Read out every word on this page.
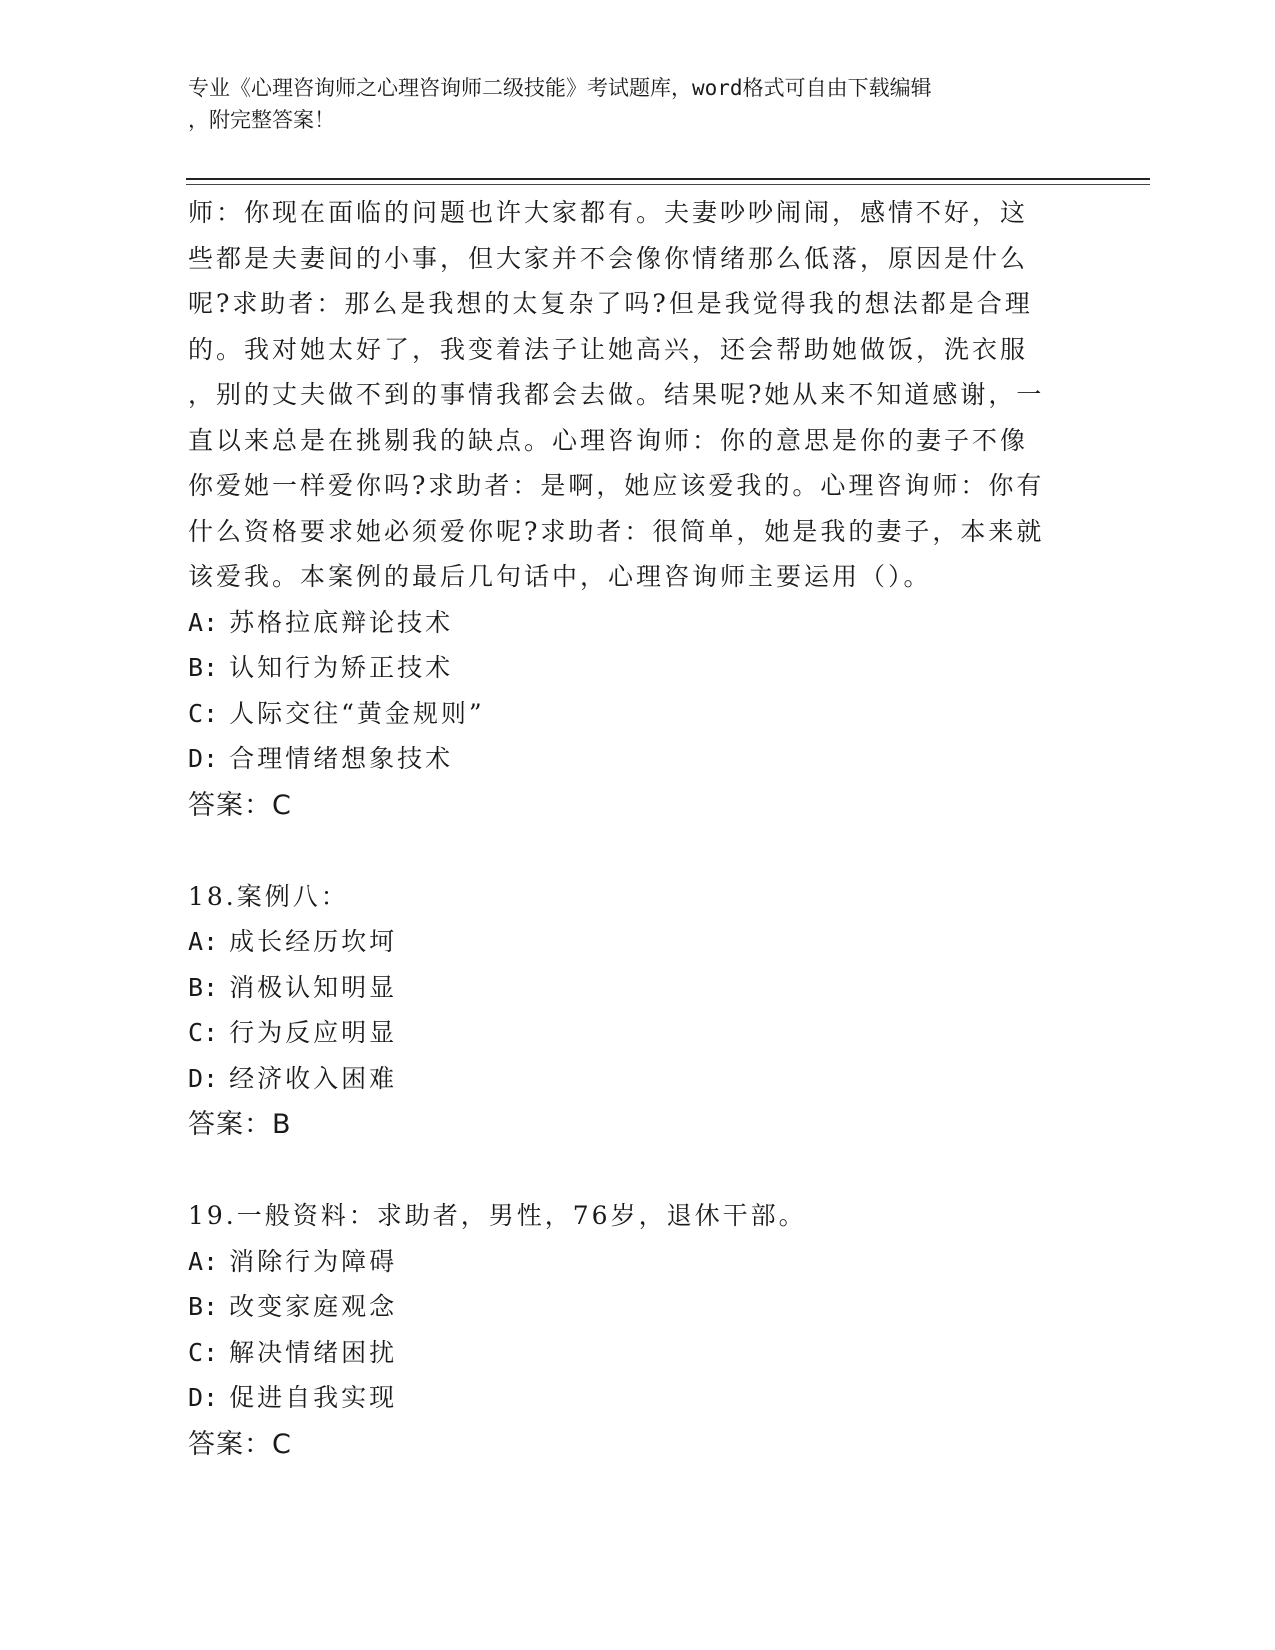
专业《心理咨询师之心理咨询师二级技能》考试题库，word格式可自由下载编辑
，附完整答案！
师：你现在面临的问题也许大家都有。夫妻吵吵闹闹，感情不好，这
些都是夫妻间的小事，但大家并不会像你情绪那么低落，原因是什么
呢?求助者：那么是我想的太复杂了吗?但是我觉得我的想法都是合理
的。我对她太好了，我变着法子让她高兴，还会帮助她做饭，洗衣服
，别的丈夫做不到的事情我都会去做。结果呢?她从来不知道感谢，一
直以来总是在挑剔我的缺点。心理咨询师：你的意思是你的妻子不像
你爱她一样爱你吗?求助者：是啊，她应该爱我的。心理咨询师：你有
什么资格要求她必须爱你呢?求助者：很简单，她是我的妻子，本来就
该爱我。本案例的最后几句话中，心理咨询师主要运用（）。
A: 苏格拉底辩论技术
B: 认知行为矫正技术
C: 人际交往“黄金规则”
D: 合理情绪想象技术
答案：C
18.案例八：
A: 成长经历坎坷
B: 消极认知明显
C: 行为反应明显
D: 经济收入困难
答案：B
19.一般资料：求助者，男性，76岁，退休干部。
A: 消除行为障碍
B: 改变家庭观念
C: 解决情绪困扰
D: 促进自我实现
答案：C
